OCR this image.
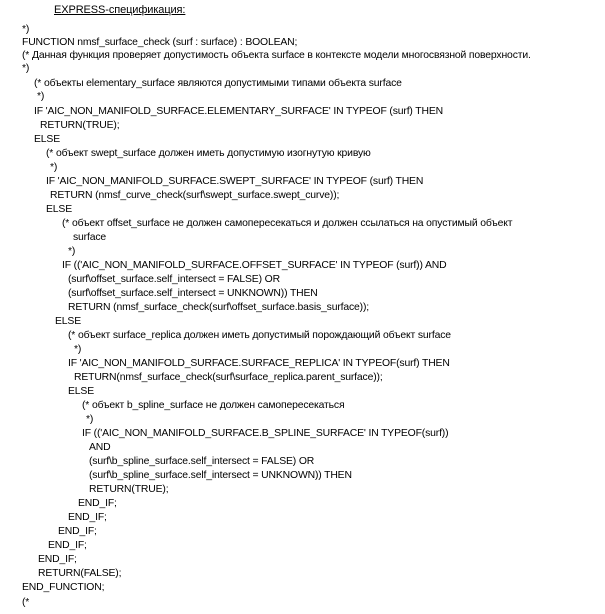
EXPRESS-спецификация:
*)
FUNCTION nmsf_surface_check (surf : surface) : BOOLEAN;
(* Данная функция проверяет допустимость объекта surface в контексте модели многосвязной поверхности.
*)
(* объекты elementary_surface являются допустимыми типами объекта surface
*)
IF 'AIC_NON_MANIFOLD_SURFACE.ELEMENTARY_SURFACE' IN TYPEOF (surf) THEN
RETURN(TRUE);
ELSE
(* объект swept_surface должен иметь допустимую изогнутую кривую
*)
IF 'AIC_NON_MANIFOLD_SURFACE.SWEPT_SURFACE' IN TYPEOF (surf) THEN
RETURN (nmsf_curve_check(surf\swept_surface.swept_curve));
ELSE
(* объект offset_surface не должен самопересекаться и должен ссылаться на опустимый объект
surface
*)
IF (('AIC_NON_MANIFOLD_SURFACE.OFFSET_SURFACE' IN TYPEOF (surf)) AND
(surf\offset_surface.self_intersect = FALSE) OR
(surf\offset_surface.self_intersect = UNKNOWN)) THEN
RETURN (nmsf_surface_check(surf\offset_surface.basis_surface));
ELSE
(* объект surface_replica должен иметь допустимый порождающий объект surface
*)
IF 'AIC_NON_MANIFOLD_SURFACE.SURFACE_REPLICA' IN TYPEOF(surf) THEN
RETURN(nmsf_surface_check(surf\surface_replica.parent_surface));
ELSE
(* объект b_spline_surface не должен самопересекаться
*)
IF (('AIC_NON_MANIFOLD_SURFACE.B_SPLINE_SURFACE' IN TYPEOF(surf))
AND
(surf\b_spline_surface.self_intersect = FALSE) OR
(surf\b_spline_surface.self_intersect = UNKNOWN)) THEN
RETURN(TRUE);
END_IF;
END_IF;
END_IF;
END_IF;
END_IF;
RETURN(FALSE);
END_FUNCTION;
(*
